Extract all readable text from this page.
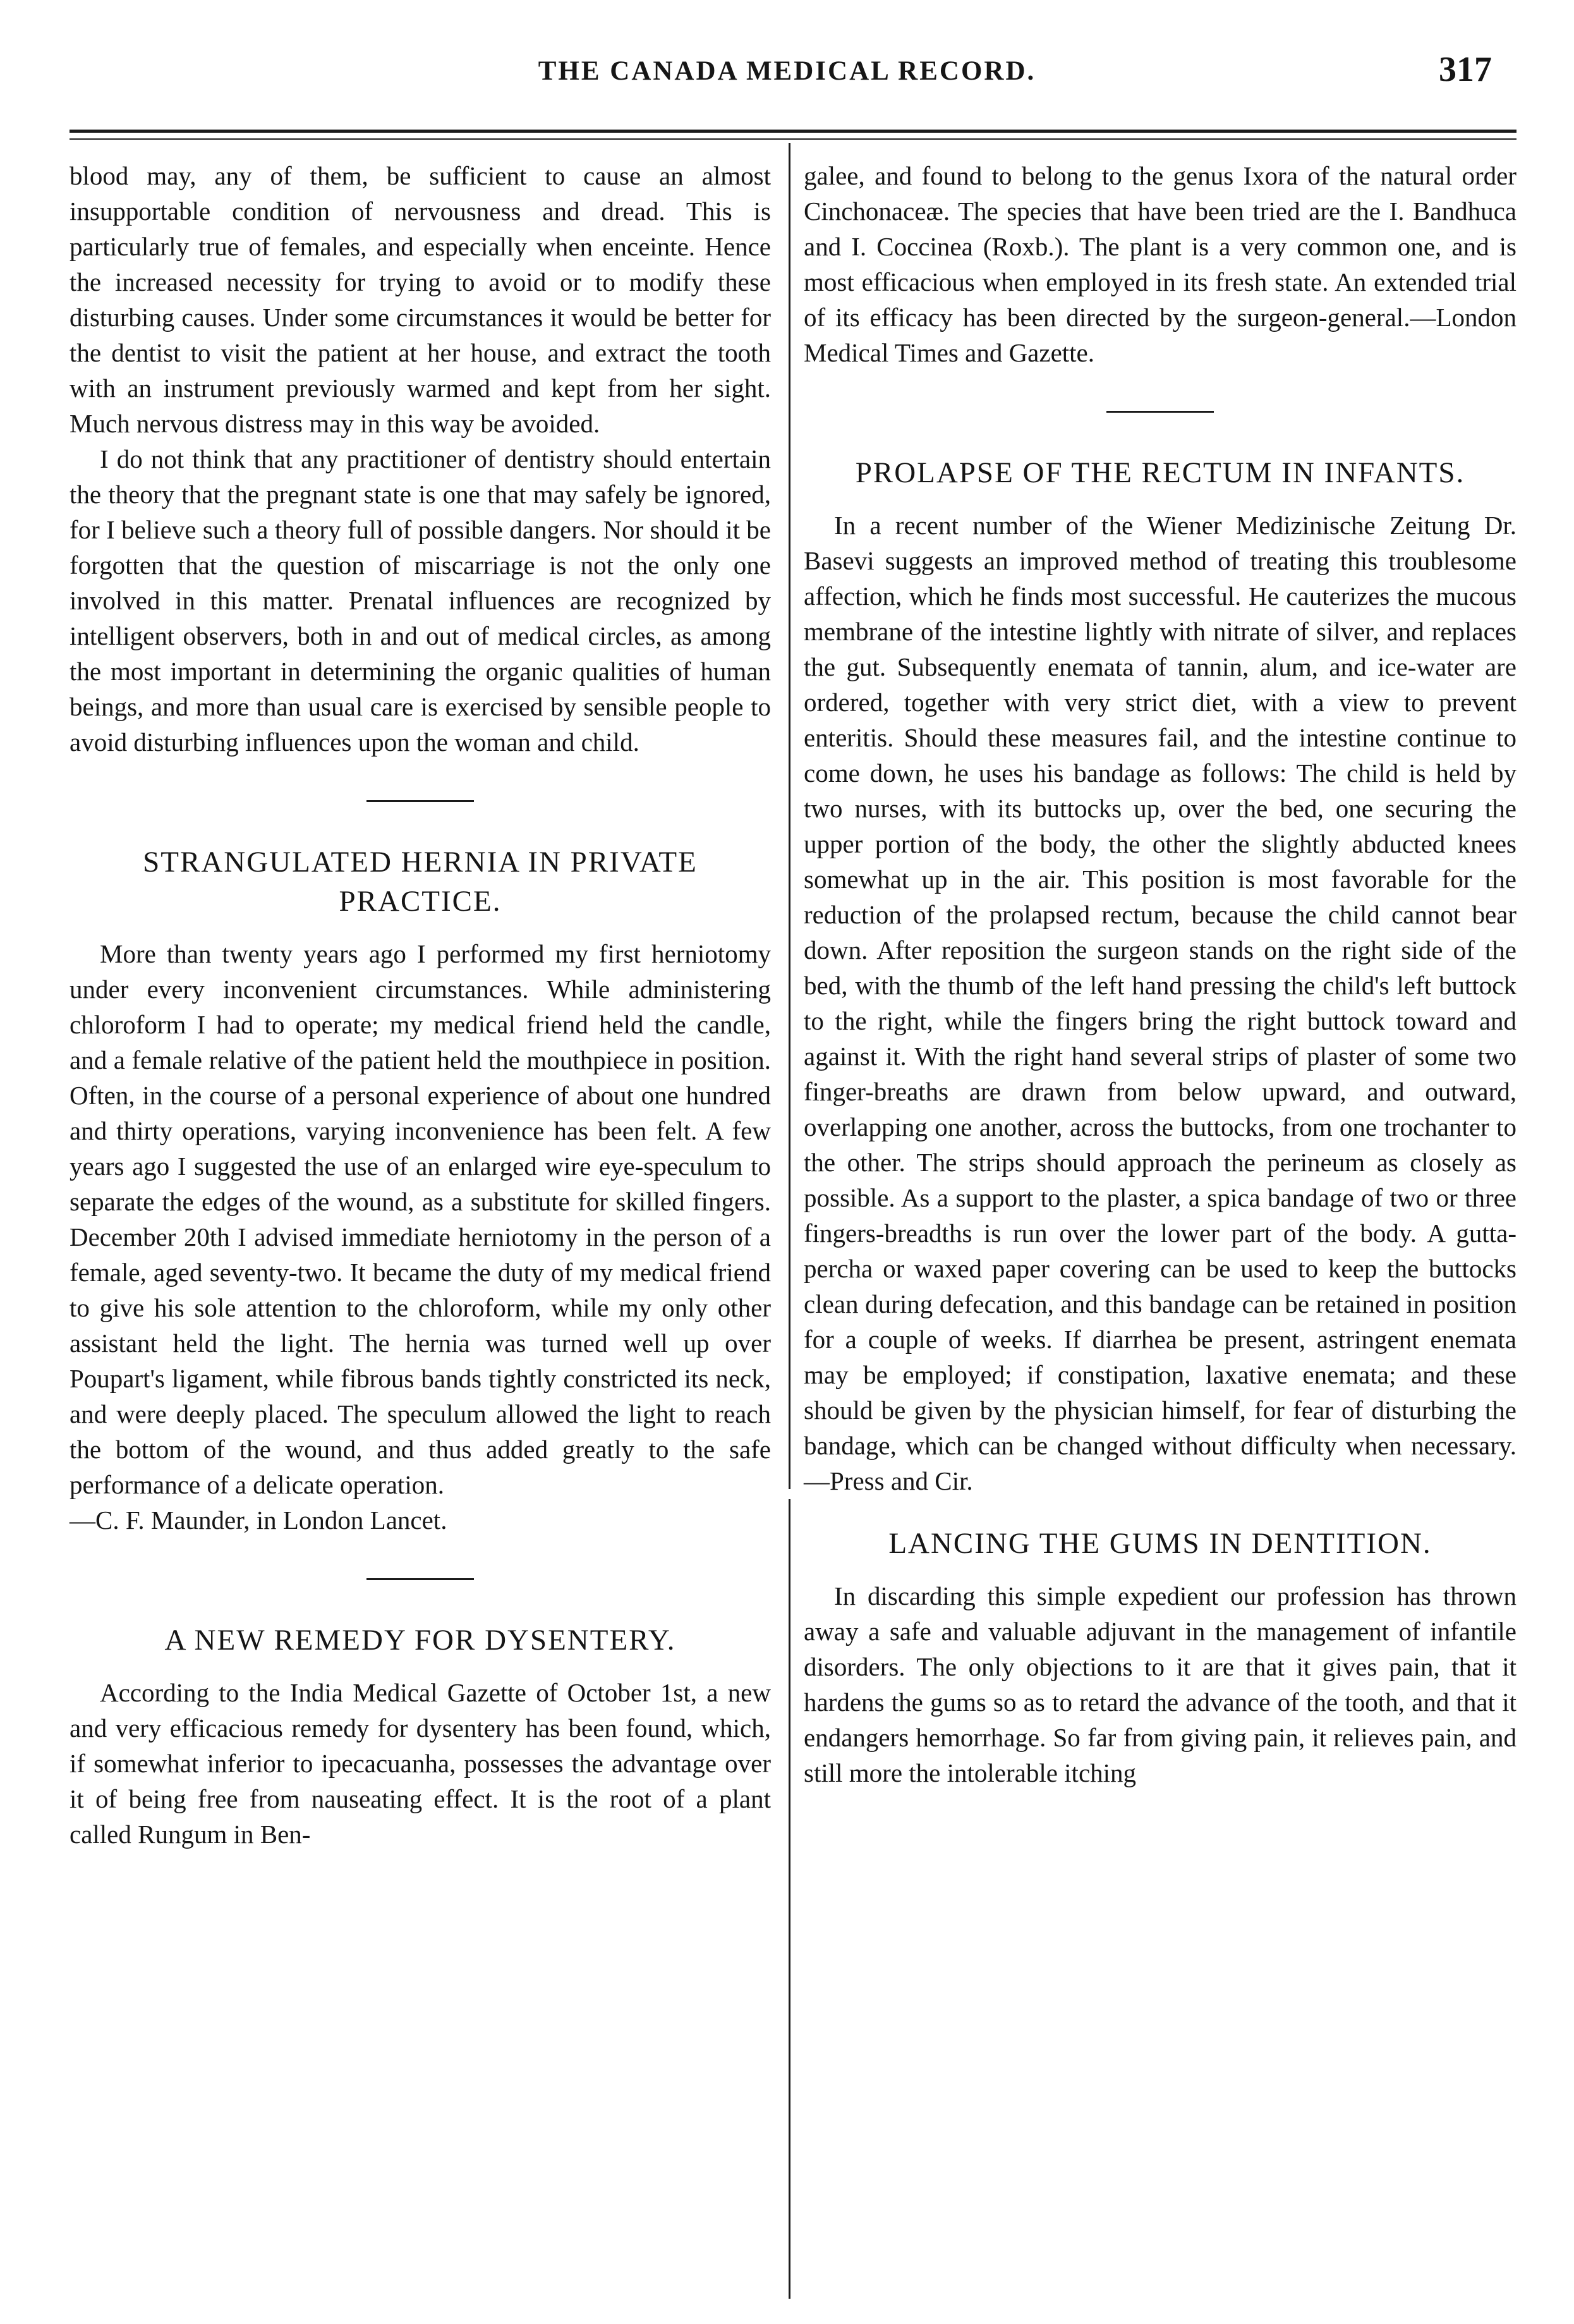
THE CANADA MEDICAL RECORD.	317

blood may, any of them, be sufficient to cause an almost insupportable condition of nervousness and dread. This is particularly true of females, and especially when enceinte. Hence the increased necessity for trying to avoid or to modify these disturbing causes. Under some circumstances it would be better for the dentist to visit the patient at her house, and extract the tooth with an instrument previously warmed and kept from her sight. Much nervous distress may in this way be avoided.

I do not think that any practitioner of dentistry should entertain the theory that the pregnant state is one that may safely be ignored, for I believe such a theory full of possible dangers. Nor should it be forgotten that the question of miscarriage is not the only one involved in this matter. Prenatal influences are recognized by intelligent observers, both in and out of medical circles, as among the most important in determining the organic qualities of human beings, and more than usual care is exercised by sensible people to avoid disturbing influences upon the woman and child.

STRANGULATED HERNIA IN PRIVATE PRACTICE.

More than twenty years ago I performed my first herniotomy under every inconvenient circumstances. While administering chloroform I had to operate; my medical friend held the candle, and a female relative of the patient held the mouthpiece in position. Often, in the course of a personal experience of about one hundred and thirty operations, varying inconvenience has been felt. A few years ago I suggested the use of an enlarged wire eye-speculum to separate the edges of the wound, as a substitute for skilled fingers. December 20th I advised immediate herniotomy in the person of a female, aged seventy-two. It became the duty of my medical friend to give his sole attention to the chloroform, while my only other assistant held the light. The hernia was turned well up over Poupart's ligament, while fibrous bands tightly constricted its neck, and were deeply placed. The speculum allowed the light to reach the bottom of the wound, and thus added greatly to the safe performance of a delicate operation.

—C. F. Maunder, in London Lancet.

A NEW REMEDY FOR DYSENTERY.

According to the India Medical Gazette of October 1st, a new and very efficacious remedy for dysentery has been found, which, if somewhat inferior to ipecacuanha, possesses the advantage over it of being free from nauseating effect. It is the root of a plant called Rungum in Ben-

galee, and found to belong to the genus Ixora of the natural order Cinchonaceæ. The species that have been tried are the I. Bandhuca and I. Coccinea (Roxb.). The plant is a very common one, and is most efficacious when employed in its fresh state. An extended trial of its efficacy has been directed by the surgeon-general.—London Medical Times and Gazette.

PROLAPSE OF THE RECTUM IN INFANTS.

In a recent number of the Wiener Medizinische Zeitung Dr. Basevi suggests an improved method of treating this troublesome affection, which he finds most successful. He cauterizes the mucous membrane of the intestine lightly with nitrate of silver, and replaces the gut. Subsequently enemata of tannin, alum, and ice-water are ordered, together with very strict diet, with a view to prevent enteritis. Should these measures fail, and the intestine continue to come down, he uses his bandage as follows: The child is held by two nurses, with its buttocks up, over the bed, one securing the upper portion of the body, the other the slightly abducted knees somewhat up in the air. This position is most favorable for the reduction of the prolapsed rectum, because the child cannot bear down. After reposition the surgeon stands on the right side of the bed, with the thumb of the left hand pressing the child's left buttock to the right, while the fingers bring the right buttock toward and against it. With the right hand several strips of plaster of some two finger-breaths are drawn from below upward, and outward, overlapping one another, across the buttocks, from one trochanter to the other. The strips should approach the perineum as closely as possible. As a support to the plaster, a spica bandage of two or three fingers-breadths is run over the lower part of the body. A gutta-percha or waxed paper covering can be used to keep the buttocks clean during defecation, and this bandage can be retained in position for a couple of weeks. If diarrhea be present, astringent enemata may be employed; if constipation, laxative enemata; and these should be given by the physician himself, for fear of disturbing the bandage, which can be changed without difficulty when necessary.—Press and Cir.

LANCING THE GUMS IN DENTITION.

In discarding this simple expedient our profession has thrown away a safe and valuable adjuvant in the management of infantile disorders. The only objections to it are that it gives pain, that it hardens the gums so as to retard the advance of the tooth, and that it endangers hemorrhage. So far from giving pain, it relieves pain, and still more the intolerable itching
